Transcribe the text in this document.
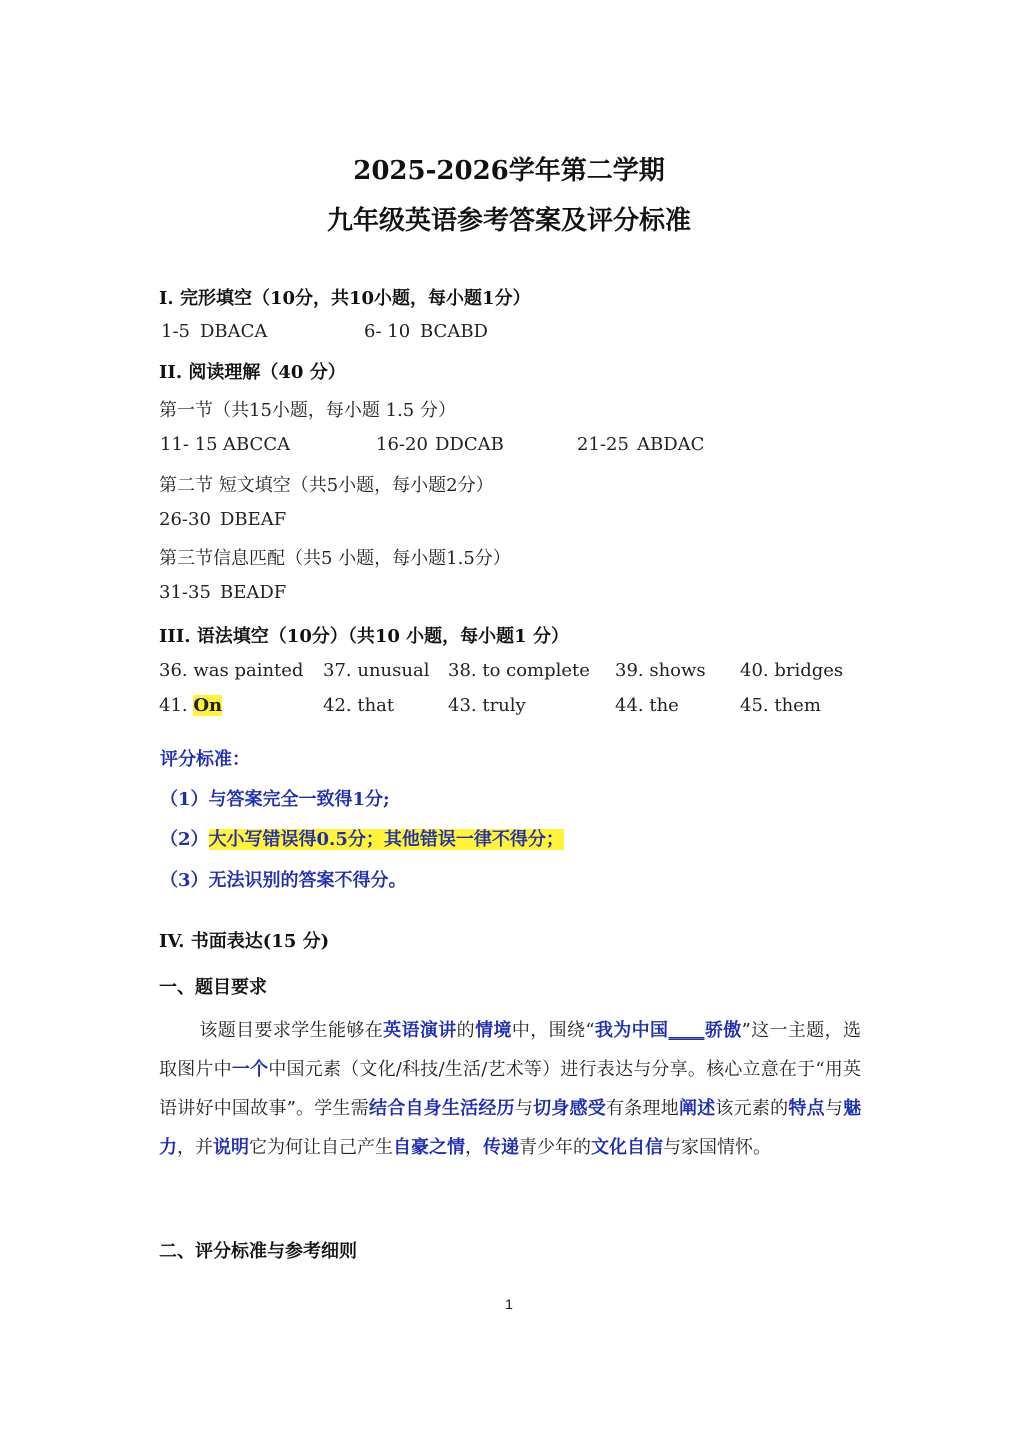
2025-2026学年第二学期
九年级英语参考答案及评分标准
I. 完形填空（10分，共10小题，每小题1分）
1-5 DBACA	6- 10 BCABD
II. 阅读理解（40 分）
第一节（共15小题，每小题 1.5 分）
11- 15 ABCCA	16-20 DDCAB	21-25 ABDAC
第二节 短文填空（共5小题，每小题2分）
26-30 DBEAF
第三节信息匹配（共5 小题，每小题1.5分）
31-35 BEADF
III. 语法填空（10分）（共10 小题，每小题1 分）
36. was painted 37. unusual 38. to complete 39. shows 40. bridges
41. On	42. that	43. truly	44. the	45. them
评分标准：
（1）与答案完全一致得1分;
（2）大小写错误得0.5分；其他错误一律不得分；
（3）无法识别的答案不得分。
IV. 书面表达(15 分)
一、题目要求
该题目要求学生能够在英语演讲的情境中，围绕“我为中国____骄傲”这一主题，选取图片中一个中国元素（文化/科技/生活/艺术等）进行表达与分享。核心立意在于“用英语讲好中国故事”。学生需结合自身生活经历与切身感受有条理地阐述该元素的特点与魅力，并说明它为何让自己产生自豪之情，传递青少年的文化自信与家国情怀。
二、评分标准与参考细则
1
